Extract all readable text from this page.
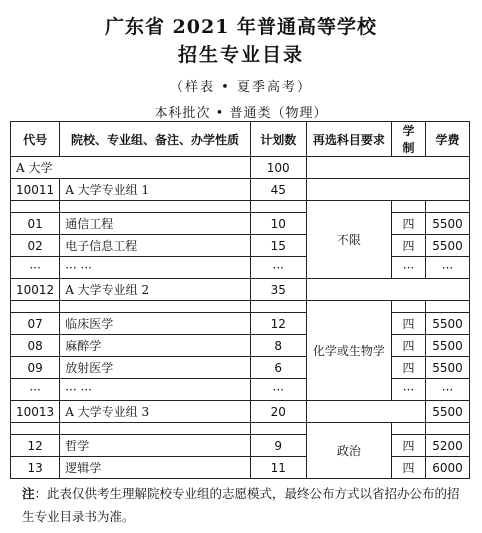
广东省 2021 年普通高等学校
招生专业目录
（样表 • 夏季高考）
本科批次 • 普通类（物理）
代号	院校、专业组、备注、办学性质	计划数	再选科目要求	学制	学费
A 大学		100			
10011	A 大学专业组 1	45			
			不限		
01	通信工程	10		四	5500
02	电子信息工程	15		四	5500
···	··· ···	···		···	···
10012	A 大学专业组 2	35			
			化学或生物学		
07	临床医学	12		四	5500
08	麻醉学	8		四	5500
09	放射医学	6		四	5500
···	··· ···	···		···	···
10013	A 大学专业组 3	20			5500
			政治		
12	哲学	9		四	5200
13	逻辑学	11		四	6000
注：此表仅供考生理解院校专业组的志愿模式，最终公布方式以省招办公布的招生专业目录书为准。
